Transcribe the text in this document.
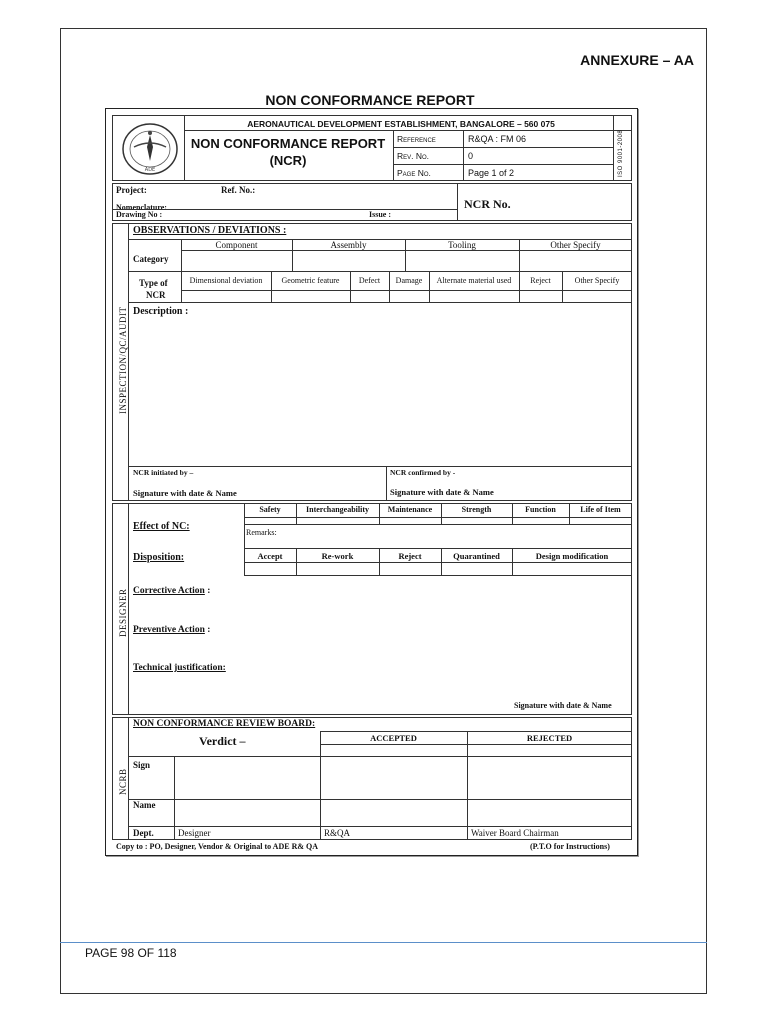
ANNEXURE – AA
NON CONFORMANCE REPORT
ADE
AERONAUTICAL DEVELOPMENT ESTABLISHMENT, BANGALORE – 560 075
NON CONFORMANCE REPORT
(NCR)
Reference	R&QA : FM 06
Rev. No.	0
Page No.	Page 1 of 2	ISO 9001-2008
Project:	Ref. No.:
Nomenclature:
Drawing No :	Issue :
NCR No.
INSPECTION/QC/AUDIT
OBSERVATIONS / DEVIATIONS :
Component	Assembly	Tooling	Other Specify
Category
Type of
NCR
Dimensional deviation	Geometric feature	Defect	Damage	Alternate material used	Reject	Other Specify
Description :
NCR initiated by –	NCR confirmed by -
Signature with date & Name	Signature with date & Name
DESIGNER
Safety	Interchangeability	Maintenance	Strength	Function	Life of Item
Effect of NC:
Remarks:
Accept	Re-work	Reject	Quarantined	Design modification
Disposition:
Corrective Action :
Preventive Action :
Technical justification:
Signature with date & Name
NCRB
NON CONFORMANCE REVIEW BOARD:
Verdict –	ACCEPTED	REJECTED
Sign
Name
Dept.	Designer	R&QA	Waiver Board Chairman
Copy to : PO, Designer, Vendor & Original to ADE R& QA	(P.T.O for Instructions)
PAGE 98 OF 118
